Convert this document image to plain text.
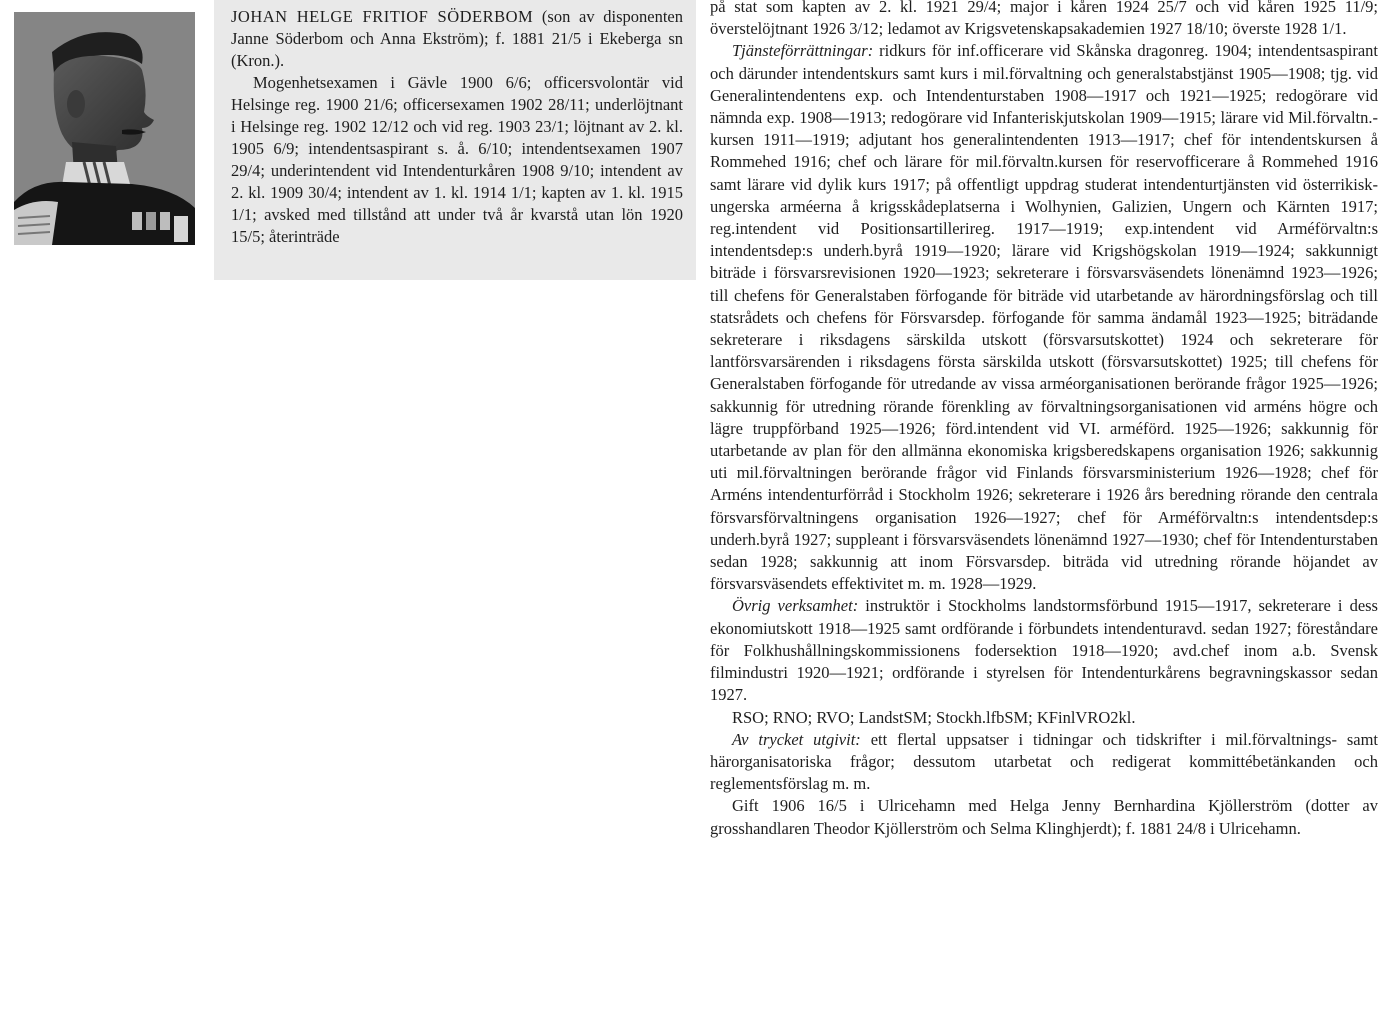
JOHAN HELGE FRITIOF SÖDERBOM (son av disponenten Janne Söderbom och Anna Ekström); f. 1881 21/5 i Ekeberga sn (Kron.).

Mogenhetsexamen i Gävle 1900 6/6; officersvolontär vid Helsinge reg. 1900 21/6; officersexamen 1902 28/11; underlöjtnant i Helsinge reg. 1902 12/12 och vid reg. 1903 23/1; löjtnant av 2. kl. 1905 6/9; intendentsaspirant s. å. 6/10; intendentsexamen 1907 29/4; underintendent vid Intendenturkåren 1908 9/10; intendent av 2. kl. 1909 30/4; intendent av 1. kl. 1914 1/1; kapten av 1. kl. 1915 1/1; avsked med tillstånd att under två år kvarstå utan lön 1920 15/5; återinträde

på stat som kapten av 2. kl. 1921 29/4; major i kåren 1924 25/7 och vid kåren 1925 11/9; överstelöjtnant 1926 3/12; ledamot av Krigsvetenskapsakademien 1927 18/10; överste 1928 1/1.

Tjänsteförrättningar: ridkurs för inf.officerare vid Skånska dragonreg. 1904; intendentsaspirant och därunder intendentskurs samt kurs i mil.förvaltning och generalstabstjänst 1905—1908; tjg. vid Generalintendentens exp. och Intendenturstaben 1908—1917 och 1921—1925; redogörare vid nämnda exp. 1908—1913; redogörare vid Infanteriskjutskolan 1909—1915; lärare vid Mil.förvaltn.-kursen 1911—1919; adjutant hos generalintendenten 1913—1917; chef för intendentskursen å Rommehed 1916; chef och lärare för mil.förvaltn.kursen för reservofficerare å Rommehed 1916 samt lärare vid dylik kurs 1917; på offentligt uppdrag studerat intendenturtjänsten vid österrikisk-ungerska arméerna å krigsskådeplatserna i Wolhynien, Galizien, Ungern och Kärnten 1917; reg.intendent vid Positionsartillerireg. 1917—1919; exp.intendent vid Arméförvaltn:s intendentsdep:s underh.byrå 1919—1920; lärare vid Krigshögskolan 1919—1924; sakkunnigt biträde i försvarsrevisionen 1920—1923; sekreterare i försvarsväsendets lönenämnd 1923—1926; till chefens för Generalstaben förfogande för biträde vid utarbetande av härordningsförslag och till statsrådets och chefens för Försvarsdep. förfogande för samma ändamål 1923—1925; biträdande sekreterare i riksdagens särskilda utskott (försvarsutskottet) 1924 och sekreterare för lantförsvarsärenden i riksdagens första särskilda utskott (försvarsutskottet) 1925; till chefens för Generalstaben förfogande för utredande av vissa arméorganisationen berörande frågor 1925—1926; sakkunnig för utredning rörande förenkling av förvaltningsorganisationen vid arméns högre och lägre truppförband 1925—1926; förd.intendent vid VI. arméförd. 1925—1926; sakkunnig för utarbetande av plan för den allmänna ekonomiska krigsberedskapens organisation 1926; sakkunnig uti mil.förvaltningen berörande frågor vid Finlands försvarsministerium 1926—1928; chef för Arméns intendenturförråd i Stockholm 1926; sekreterare i 1926 års beredning rörande den centrala försvarsförvaltningens organisation 1926—1927; chef för Arméförvaltn:s intendentsdep:s underh.byrå 1927; suppleant i försvarsväsendets lönenämnd 1927—1930; chef för Intendenturstaben sedan 1928; sakkunnig att inom Försvarsdep. biträda vid utredning rörande höjandet av försvarsväsendets effektivitet m. m. 1928—1929.

Övrig verksamhet: instruktör i Stockholms landstormsförbund 1915—1917, sekreterare i dess ekonomiutskott 1918—1925 samt ordförande i förbundets intendenturavd. sedan 1927; föreståndare för Folkhushållningskommissionens fodersektion 1918—1920; avd.chef inom a.b. Svensk filmindustri 1920—1921; ordförande i styrelsen för Intendenturkårens begravningskassor sedan 1927.

RSO; RNO; RVO; LandstSM; Stockh.lfbSM; KFinlVRO2kl.

Av trycket utgivit: ett flertal uppsatser i tidningar och tidskrifter i mil.förvaltnings- samt härorganisatoriska frågor; dessutom utarbetat och redigerat kommittébetänkanden och reglementsförslag m. m.

Gift 1906 16/5 i Ulricehamn med Helga Jenny Bernhardina Kjöllerström (dotter av grosshandlaren Theodor Kjöllerström och Selma Klinghjerdt); f. 1881 24/8 i Ulricehamn.
